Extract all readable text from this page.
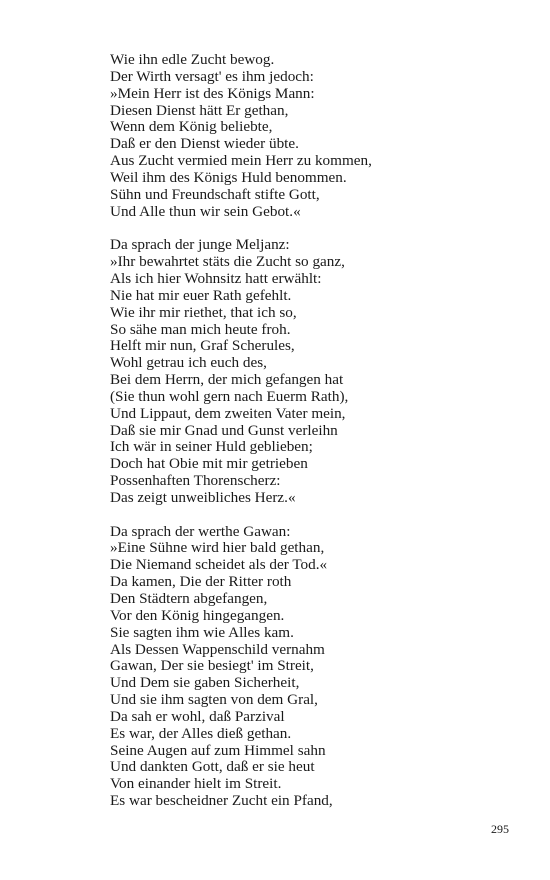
Wie ihn edle Zucht bewog.
Der Wirth versagt' es ihm jedoch:
»Mein Herr ist des Königs Mann:
Diesen Dienst hätt Er gethan,
Wenn dem König beliebte,
Daß er den Dienst wieder übte.
Aus Zucht vermied mein Herr zu kommen,
Weil ihm des Königs Huld benommen.
Sühn und Freundschaft stifte Gott,
Und Alle thun wir sein Gebot.«
Da sprach der junge Meljanz:
»Ihr bewahrtet stäts die Zucht so ganz,
Als ich hier Wohnsitz hatt erwählt:
Nie hat mir euer Rath gefehlt.
Wie ihr mir riethet, that ich so,
So sähe man mich heute froh.
Helft mir nun, Graf Scherules,
Wohl getrau ich euch des,
Bei dem Herrn, der mich gefangen hat
(Sie thun wohl gern nach Euerm Rath),
Und Lippaut, dem zweiten Vater mein,
Daß sie mir Gnad und Gunst verleihn
Ich wär in seiner Huld geblieben;
Doch hat Obie mit mir getrieben
Possenhaften Thorenscherz:
Das zeigt unweibliches Herz.«
Da sprach der werthe Gawan:
»Eine Sühne wird hier bald gethan,
Die Niemand scheidet als der Tod.«
Da kamen, Die der Ritter roth
Den Städtern abgefangen,
Vor den König hingegangen.
Sie sagten ihm wie Alles kam.
Als Dessen Wappenschild vernahm
Gawan, Der sie besiegt' im Streit,
Und Dem sie gaben Sicherheit,
Und sie ihm sagten von dem Gral,
Da sah er wohl, daß Parzival
Es war, der Alles dieß gethan.
Seine Augen auf zum Himmel sahn
Und dankten Gott, daß er sie heut
Von einander hielt im Streit.
Es war bescheidner Zucht ein Pfand,
295
